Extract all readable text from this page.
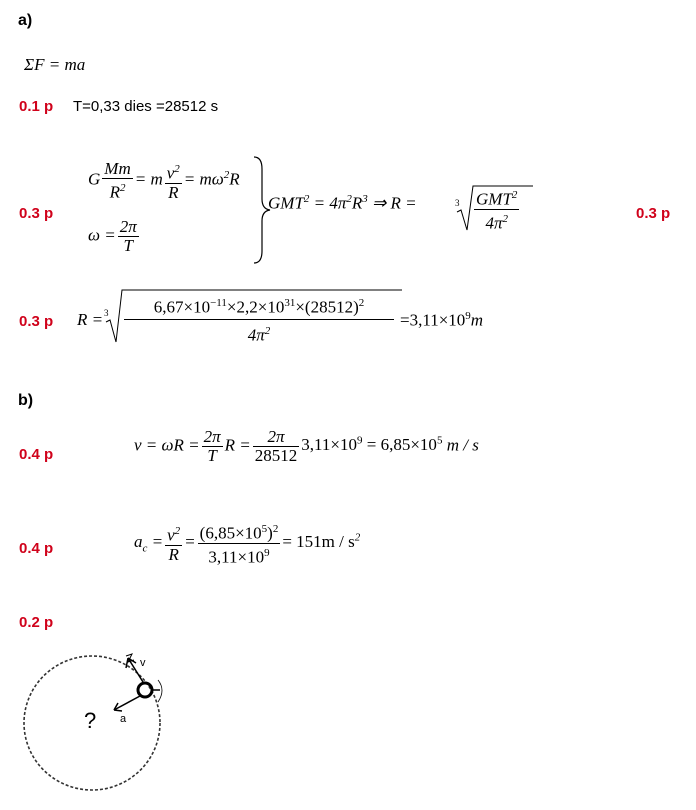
a)
ΣF = ma
0.1 p T=0,33 dies =28512 s
0.3 p	0.3 p
G $\frac{Mm}{R^2} = m \frac{v^2}{R} = m\omega^2R$
$\omega = \frac{2\pi}{T}$
$GMT^2 = 4\pi^2R^3$ ⇒ R =	$3 \frac{GMT^2}{4\pi^2}$
0.3 p R = 3	$6,67\times 10^{-11}\times 2,2\times 10^{31}\times(28512)^2$
$4\pi^2$
$=3,11\times 10^9m$
b)
0.4 p
$v = \omega R = \frac{2\pi}{T}$ $R = \frac{2\pi}{28512} 3,11\times 10^9 = 6,85\times 10^5$ m / s
0.4 p	$a_c = \frac{v^2}{R} = \frac{(6,85\times 10^5)^2}{3,11\times 10^9} = 151m / s^2$
0.2 p
v
a
?
